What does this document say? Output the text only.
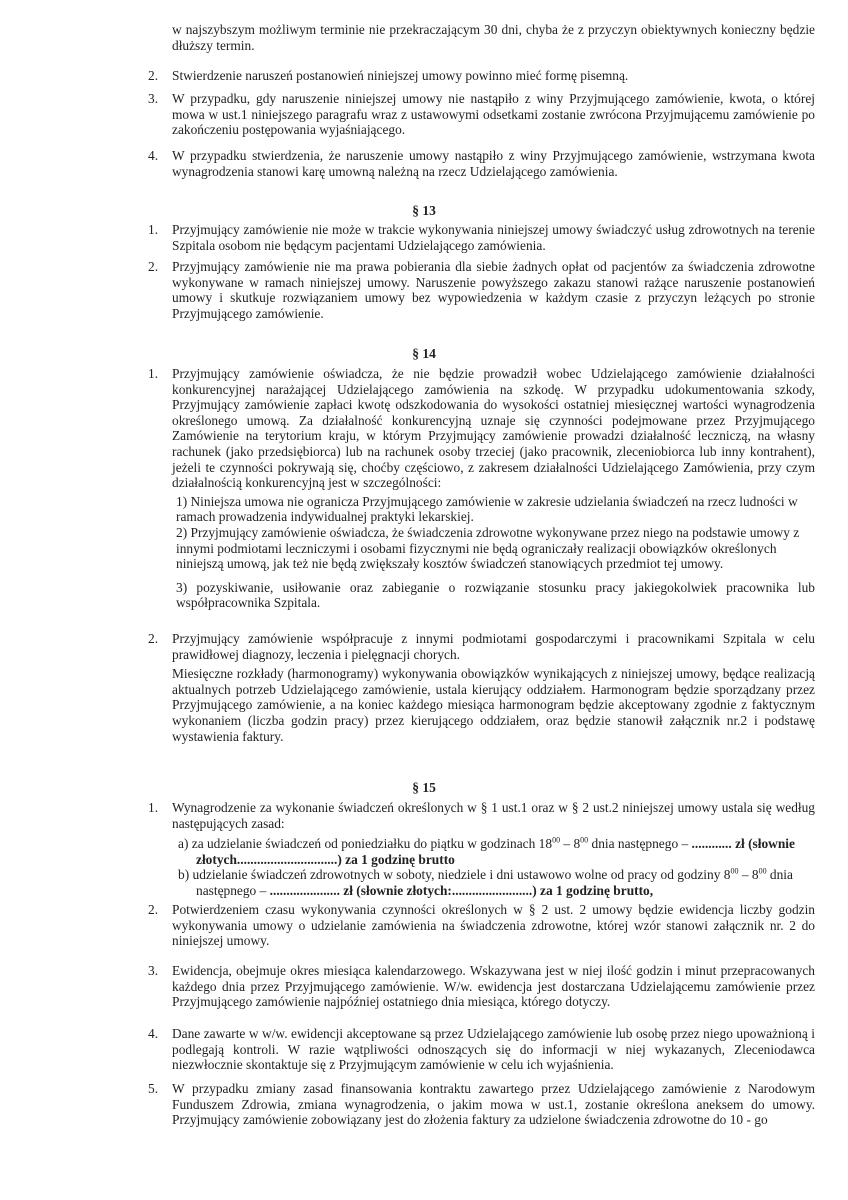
w najszybszym możliwym terminie nie przekraczającym 30 dni, chyba że z przyczyn obiektywnych konieczny będzie dłuższy termin.
2. Stwierdzenie naruszeń postanowień niniejszej umowy powinno mieć formę pisemną.
3. W przypadku, gdy naruszenie niniejszej umowy nie nastąpiło z winy Przyjmującego zamówienie, kwota, o której mowa w ust.1 niniejszego paragrafu wraz z ustawowymi odsetkami zostanie zwrócona Przyjmującemu zamówienie po zakończeniu postępowania wyjaśniającego.
4. W przypadku stwierdzenia, że naruszenie umowy nastąpiło z winy Przyjmującego zamówienie, wstrzymana kwota wynagrodzenia stanowi karę umowną należną na rzecz Udzielającego zamówienia.
§ 13
1. Przyjmujący zamówienie nie może w trakcie wykonywania niniejszej umowy świadczyć usług zdrowotnych na terenie Szpitala osobom nie będącym pacjentami Udzielającego zamówienia.
2. Przyjmujący zamówienie nie ma prawa pobierania dla siebie żadnych opłat od pacjentów za świadczenia zdrowotne wykonywane w ramach niniejszej umowy. Naruszenie powyższego zakazu stanowi rażące naruszenie postanowień umowy i skutkuje rozwiązaniem umowy bez wypowiedzenia w każdym czasie z przyczyn leżących po stronie Przyjmującego zamówienie.
§ 14
1. Przyjmujący zamówienie oświadcza, że nie będzie prowadził wobec Udzielającego zamówienie działalności konkurencyjnej narażającej Udzielającego zamówienia na szkodę. W przypadku udokumentowania szkody, Przyjmujący zamówienie zapłaci kwotę odszkodowania do wysokości ostatniej miesięcznej wartości wynagrodzenia określonego umową. Za działalność konkurencyjną uznaje się czynności podejmowane przez Przyjmującego Zamówienie na terytorium kraju, w którym Przyjmujący zamówienie prowadzi działalność leczniczą, na własny rachunek (jako przedsiębiorca) lub na rachunek osoby trzeciej (jako pracownik, zleceniobiorca lub inny kontrahent), jeżeli te czynności pokrywają się, choćby częściowo, z zakresem działalności Udzielającego Zamówienia, przy czym działalnością konkurencyjną jest w szczególności:

1) Niniejsza umowa nie ogranicza Przyjmującego zamówienie w zakresie udzielania świadczeń na rzecz ludności w ramach prowadzenia indywidualnej praktyki lekarskiej.

2) Przyjmujący zamówienie oświadcza, że świadczenia zdrowotne wykonywane przez niego na podstawie umowy z innymi podmiotami leczniczymi i osobami fizycznymi nie będą ograniczały realizacji obowiązków określonych niniejszą umową, jak też nie będą zwiększały kosztów świadczeń stanowiących przedmiot tej umowy.

3) pozyskiwanie, usiłowanie oraz zabieganie o rozwiązanie stosunku pracy jakiegokolwiek pracownika lub współpracownika Szpitala.

2. Przyjmujący zamówienie współpracuje z innymi podmiotami gospodarczymi i pracownikami Szpitala w celu prawidłowej diagnozy, leczenia i pielęgnacji chorych.

Miesięczne rozkłady (harmonogramy) wykonywania obowiązków wynikających z niniejszej umowy, będące realizacją aktualnych potrzeb Udzielającego zamówienie, ustala kierujący oddziałem. Harmonogram będzie sporządzany przez Przyjmującego zamówienie, a na koniec każdego miesiąca harmonogram będzie akceptowany zgodnie z faktycznym wykonaniem (liczba godzin pracy) przez kierującego oddziałem, oraz będzie stanowił załącznik nr.2 i podstawę wystawienia faktury.

§ 15
1. Wynagrodzenie za wykonanie świadczeń określonych w § 1 ust.1 oraz w § 2 ust.2 niniejszej umowy ustala się według następujących zasad:

a) za udzielanie świadczeń od poniedziałku do piątku w godzinach $18^{00} - 8^{00}$ dnia następnego – ............ zł (słownie złotych..............................) za 1 godzinę brutto

b) udzielanie świadczeń zdrowotnych w soboty, niedziele i dni ustawowo wolne od pracy od godziny $8^{00} - 8^{00}$ dnia następnego – ..................... zł (słownie złotych:........................) za 1 godzinę brutto,

2. Potwierdzeniem czasu wykonywania czynności określonych w § 2 ust. 2 umowy będzie ewidencja liczby godzin wykonywania umowy o udzielanie zamówienia na świadczenia zdrowotne, której wzór stanowi załącznik nr. 2 do niniejszej umowy.
3. Ewidencja, obejmuje okres miesiąca kalendarzowego. Wskazywana jest w niej ilość godzin i minut przepracowanych każdego dnia przez Przyjmującego zamówienie. W/w. ewidencja jest dostarczana Udzielającemu zamówienie przez Przyjmującego zamówienie najpóźniej ostatniego dnia miesiąca, którego dotyczy.
4. Dane zawarte w w/w. ewidencji akceptowane są przez Udzielającego zamówienie lub osobę przez niego upoważnioną i podlegają kontroli. W razie wątpliwości odnoszących się do informacji w niej wykazanych, Zleceniodawca niezwłocznie skontaktuje się z Przyjmującym zamówienie w celu ich wyjaśnienia.
5. W przypadku zmiany zasad finansowania kontraktu zawartego przez Udzielającego zamówienie z Narodowym Funduszem Zdrowia, zmiana wynagrodzenia, o jakim mowa w ust.1, zostanie określona aneksem do umowy. Przyjmujący zamówienie zobowiązany jest do złożenia faktury za udzielone świadczenia zdrowotne do 10 - go
